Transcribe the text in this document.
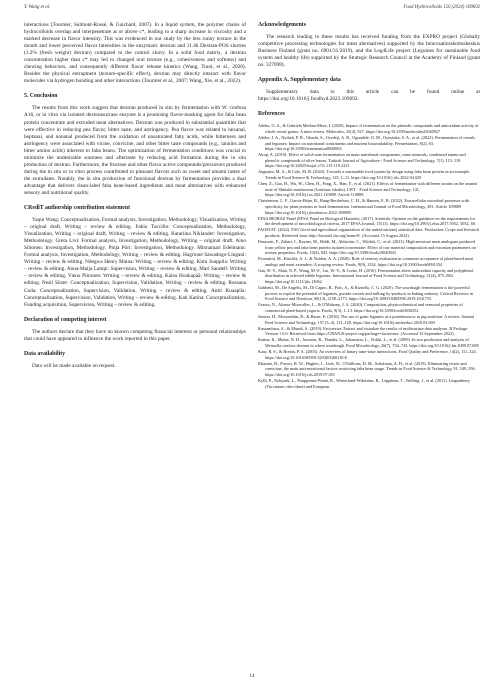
Y. Wang et al.	Food Hydrocolloids 150 (2024) 109692

interactions (Tournier, Sulmont-Rossé, & Guichard, 2007). In a liquid system, the polymer chains of hydrocolloids overlap and interpenetrate at or above c*, leading to a sharp increase in viscosity and a marked decrease in flavor intensity. This was evidenced in our study by the less runny texture in the mouth and lower perceived flavor intensities in the enzymatic dextran and 11.4h Dextran-POS slurries (1.2% (fresh weight) dextran) compared to the control slurry. In a solid food matrix, a dextran concentration higher than c* may led to changed oral texture (e.g., cohesiveness and softness) and chewing behaviors, and consequently different flavor release kinetics (Wang, Trani, et al., 2020). Besides the physical entrapment (texture-specific effect), dextran may directly interact with flavor molecules via hydrogen bonding and other interactions (Tournier et al., 2007; Wang, Xie, et al., 2022).

5. Conclusion

The results from this work suggest that dextran produced in situ by fermentation with W. confusa A16, or in vitro via isolated dextransucrase enzyme is a promising flavor-masking agent for faba bean protein concentrate and extruded meat alternatives. Dextran was produced in substantial quantities that were effective in reducing pea flavor, bitter taste, and astringency. Pea flavor was related to hexanal, heptanal, and nonanal produced from the oxidation of unsaturated fatty acids, while bitterness and astringency were associated with vicine, convicine, and other bitter taste compounds (e.g., tannins and bitter amino acids) inherent to faba beans. The optimization of fermentation conditions was crucial to minimize the undesirable sourness and aftertaste by reducing acid formation during the in situ production of dextran. Furthermore, the fructose and other flavor active compounds/precursors produced during the in situ or in vitro process contributed to pleasant flavors such as sweet and umami tastes of the extrudates. Notably, the in situ production of functional dextran by fermentation provides a dual advantage that delivers clean-label faba bean-based ingredients and meat alternatives with enhanced sensory and nutritional quality.

CRediT authorship contribution statement

Yaqin Wang: Conceptualization, Formal analysis, Investigation, Methodology, Visualization, Writing – original draft, Writing – review & editing. Fabio Tuccillo: Conceptualization, Methodology, Visualization, Writing – original draft, Writing – review & editing. Katariina Niklander: Investigation, Methodology. Greta Livi: Formal analysis, Investigation, Methodology, Writing – original draft. Aino Siitonen: Investigation, Methodology. Pinja Pöri: Investigation, Methodology. Minnamari Edelmann: Formal analysis, Investigation, Methodology, Writing – review & editing. Hagrtoué Sawadogo-Lingani: Writing – review & editing. Ndegwa Henry Maina: Writing – review & editing. Kimi Jouppila: Writing – review & editing. Anna-Maija Lampi: Supervision, Writing – review & editing. Mari Sandell: Writing – review & editing. Vieno Piironen: Writing – review & editing. Kaisu Honkapää: Writing – review & editing. Nesli Sözer: Conceptualization, Supervision, Validation, Writing – review & editing. Rossana Coda: Conceptualization, Supervision, Validation, Writing – review & editing. Antti Knaapila: Conceptualization, Supervision, Validation, Writing – review & editing. Kati Katina: Conceptualization, Funding acquisition, Supervision, Writing – review & editing.

Declaration of competing interest

The authors declare that they have no known competing financial interests or personal relationships that could have appeared to influence the work reported in this paper.

Data availability

Data will be made available on request.

Acknowledgements

The research leading to these results has received funding from the EXPRO project (Globally competitive processing technologies for meat alternatives) supported by the Innovaatiorahoituskeskus Business Finland (grant no. 6901/31/2019), and the Leg4Life project (Legumes for sustainable food system and healthy life) supported by the Strategic Research Council at the Academy of Finland (grant no. 327698).

Appendix A. Supplementary data

Supplementary data to this article can be found online at https://doi.org/10.1016/j.foodhyd.2023.109692.

References
Adebo, O. A., & Gabriela Medina-Meza, I. (2020). Impact of fermentation on the phenolic compounds and antioxidant activity of whole cereal grains: A mini review. Molecules, 25(4), 927. https://doi.org/10.3390/molecules25040927
Adebo, J. A., Njobeh, P. B., Gbashi, S., Oyedeji, A. B., Ogundele, O. M., Oyeyinka, S. A., et al. (2022). Fermentation of cereals and legumes: Impact on nutritional constituents and nutrient bioavailability. Fermentation, 8(2), 63. https://doi.org/10.3390/fermentation8020063
Alrop, A. (2019). Effect of solid-state fermentation on main nutritional components, some minerals, condensed tannin and phenolic compounds of olive leaves. Turkish Journal of Agriculture - Food Science and Technology, 7(1), 115–119. https://doi.org/10.24925/turjaf.v7i1.115-119.2231
Augustin, M. A., & Cole, M. B. (2022). Towards a sustainable food system by design using faba bean protein as an example. Trends in Food Science & Technology, 125, 1–11. https://doi.org/10.1016/j.tifs.2022.04.029
Chen, Z., Gao, H., Wu, W., Chen, H., Fang, X., Han, Y., et al. (2021). Effects of fermentation with different strains on the umami taste of Shiitake mushrooms (Lentinus edodes). LWT - Food Science and Technology, 141, https://doi.org/10.1016/j.lwt.2021.110889. Article 110889.
Christensen, L. F., García-Béjar, B., Bang-Berthelsen, C. H., & Hansen, E. B. (2022). Extracellular microbial proteases with specificity for plant proteins in food fermentation. International Journal of Food Microbiology, 381. Article 109889 https://doi.org/10.1016/j.ijfoodmicro.2022.109889.
EFSA BIOHAZ Panel (EFSA Panel on Biological Hazards). (2017). Scientific Opinion on the guidance on the requirements for the development of microbiological criteria, 2017 EFSA Journal, 15(11). https://doi.org/10.2903/j.efsa.2017.5052, 5052, 60.
FAOSTAT. (2022). FAO (food and agricultural organization of the united nations) statistical data. Production: Crops and livestock products. Retrieved from http://faostat3.fao.org/home/E. (Accessed 15 August 2022).
Fenawati, F., Zahari, I., Rayner, M., Heldt, M., Ahlström, C., Wittböt, C., et al. (2021). High-moisture meat analogues produced from yellow pea and faba bean protein isolates/concentrate: Effect of raw material composition and extrusion parameters on texture properties. Foods, 10(4), 843. https://doi.org/10.3390/foods10040843
Fiorentini, M., Kinchla, A. J., & Nolden, A. A. (2020). Role of sensory evaluation in consumer acceptance of plant-based meat analogs and meat extenders: A scoping review. Foods, 9(9), 1334. https://doi.org/10.3390/foods9091334
Gan, R.-Y., Shah, N. P., Wang, M.-F., Lui, W.-Y., & Corke, H. (2016). Fermentation alters antioxidant capacity and polyphenol distribution in selected edible legumes. International Journal of Food Science and Technology, 51(4), 875–884. https://doi.org/10.1111/ijfs.13062
Gobbetti, M., De Angelis, M., Di Cagno, R., Polo, A., & Rizzello, C. G. (2020). The sourdough fermentation is the powerful process to exploit the potential of legumes, pseudo-cereals and milling by-products in baking industry. Critical Reviews in Food Science and Nutrition, 60(13), 2158–2173. https://doi.org/10.1080/10408398.2019.1631753
Grasso, N., Alonso-Miravalles, L., & O'Mahony, J. A. (2020). Composition, physicochemical and sensorial properties of commercial plant-based yogurts. Foods, 9(3), 1–13. https://doi.org/10.3390/foods9030252
Jentzer, H., Mossenthin, R., & Bauer, E. (2016). The use of grain legumes as a proteinsource in pig nutrition: A review. Animal Feed Science and Technology, 157 (3–4), 111–128. https://doi.org/10.1016/j.anifeedsci.2010.03.003
Kassambara, A., & Mundt, A. (2019). Factoextra: Extract and visualize the results of multivariate data analyses. R Package Version 1.0.6. Retrieved from https://CRAN.R-project.org/package=factoextra. (Accessed 15 September 2022).
Katina, K., Maina, N. H., Juvonen, R., Flander, L., Johansson, L., Virkki, L., et al. (2009). In situ production and analysis of Weissella confusa dextran in wheat sourdough. Food Microbiology, 26(7), 734–743. https://doi.org/10.1016/j.fm.2009.07.008
Kaur, R. S., & Brezin, P. A. (2003). An overview of binary taste-taste interactions. Food Quality and Preference, 14(2), 111–124. https://doi.org/10.1016/S0950-3293(02)00110-6
Khazaei, H., Purves, R. W., Hughes, J., Link, W., O'Sullivan, D. M., Schulman, A. H., et al. (2019). Eliminating vicine and convicine, the main anti-nutritional factors restricting faba bean usage. Trends in Food Science & Technology, 91, 549–556. https://doi.org/10.1016/j.tifs.2019.07.051
Kylli, P., Nohynek, L., Puupponen-Pimiä, R., Westerlund-Wikström, B., Leppänen, T., Welling, J., et al. (2011). Lingonberry (Vaccinium vitis-idaea) and European
14
